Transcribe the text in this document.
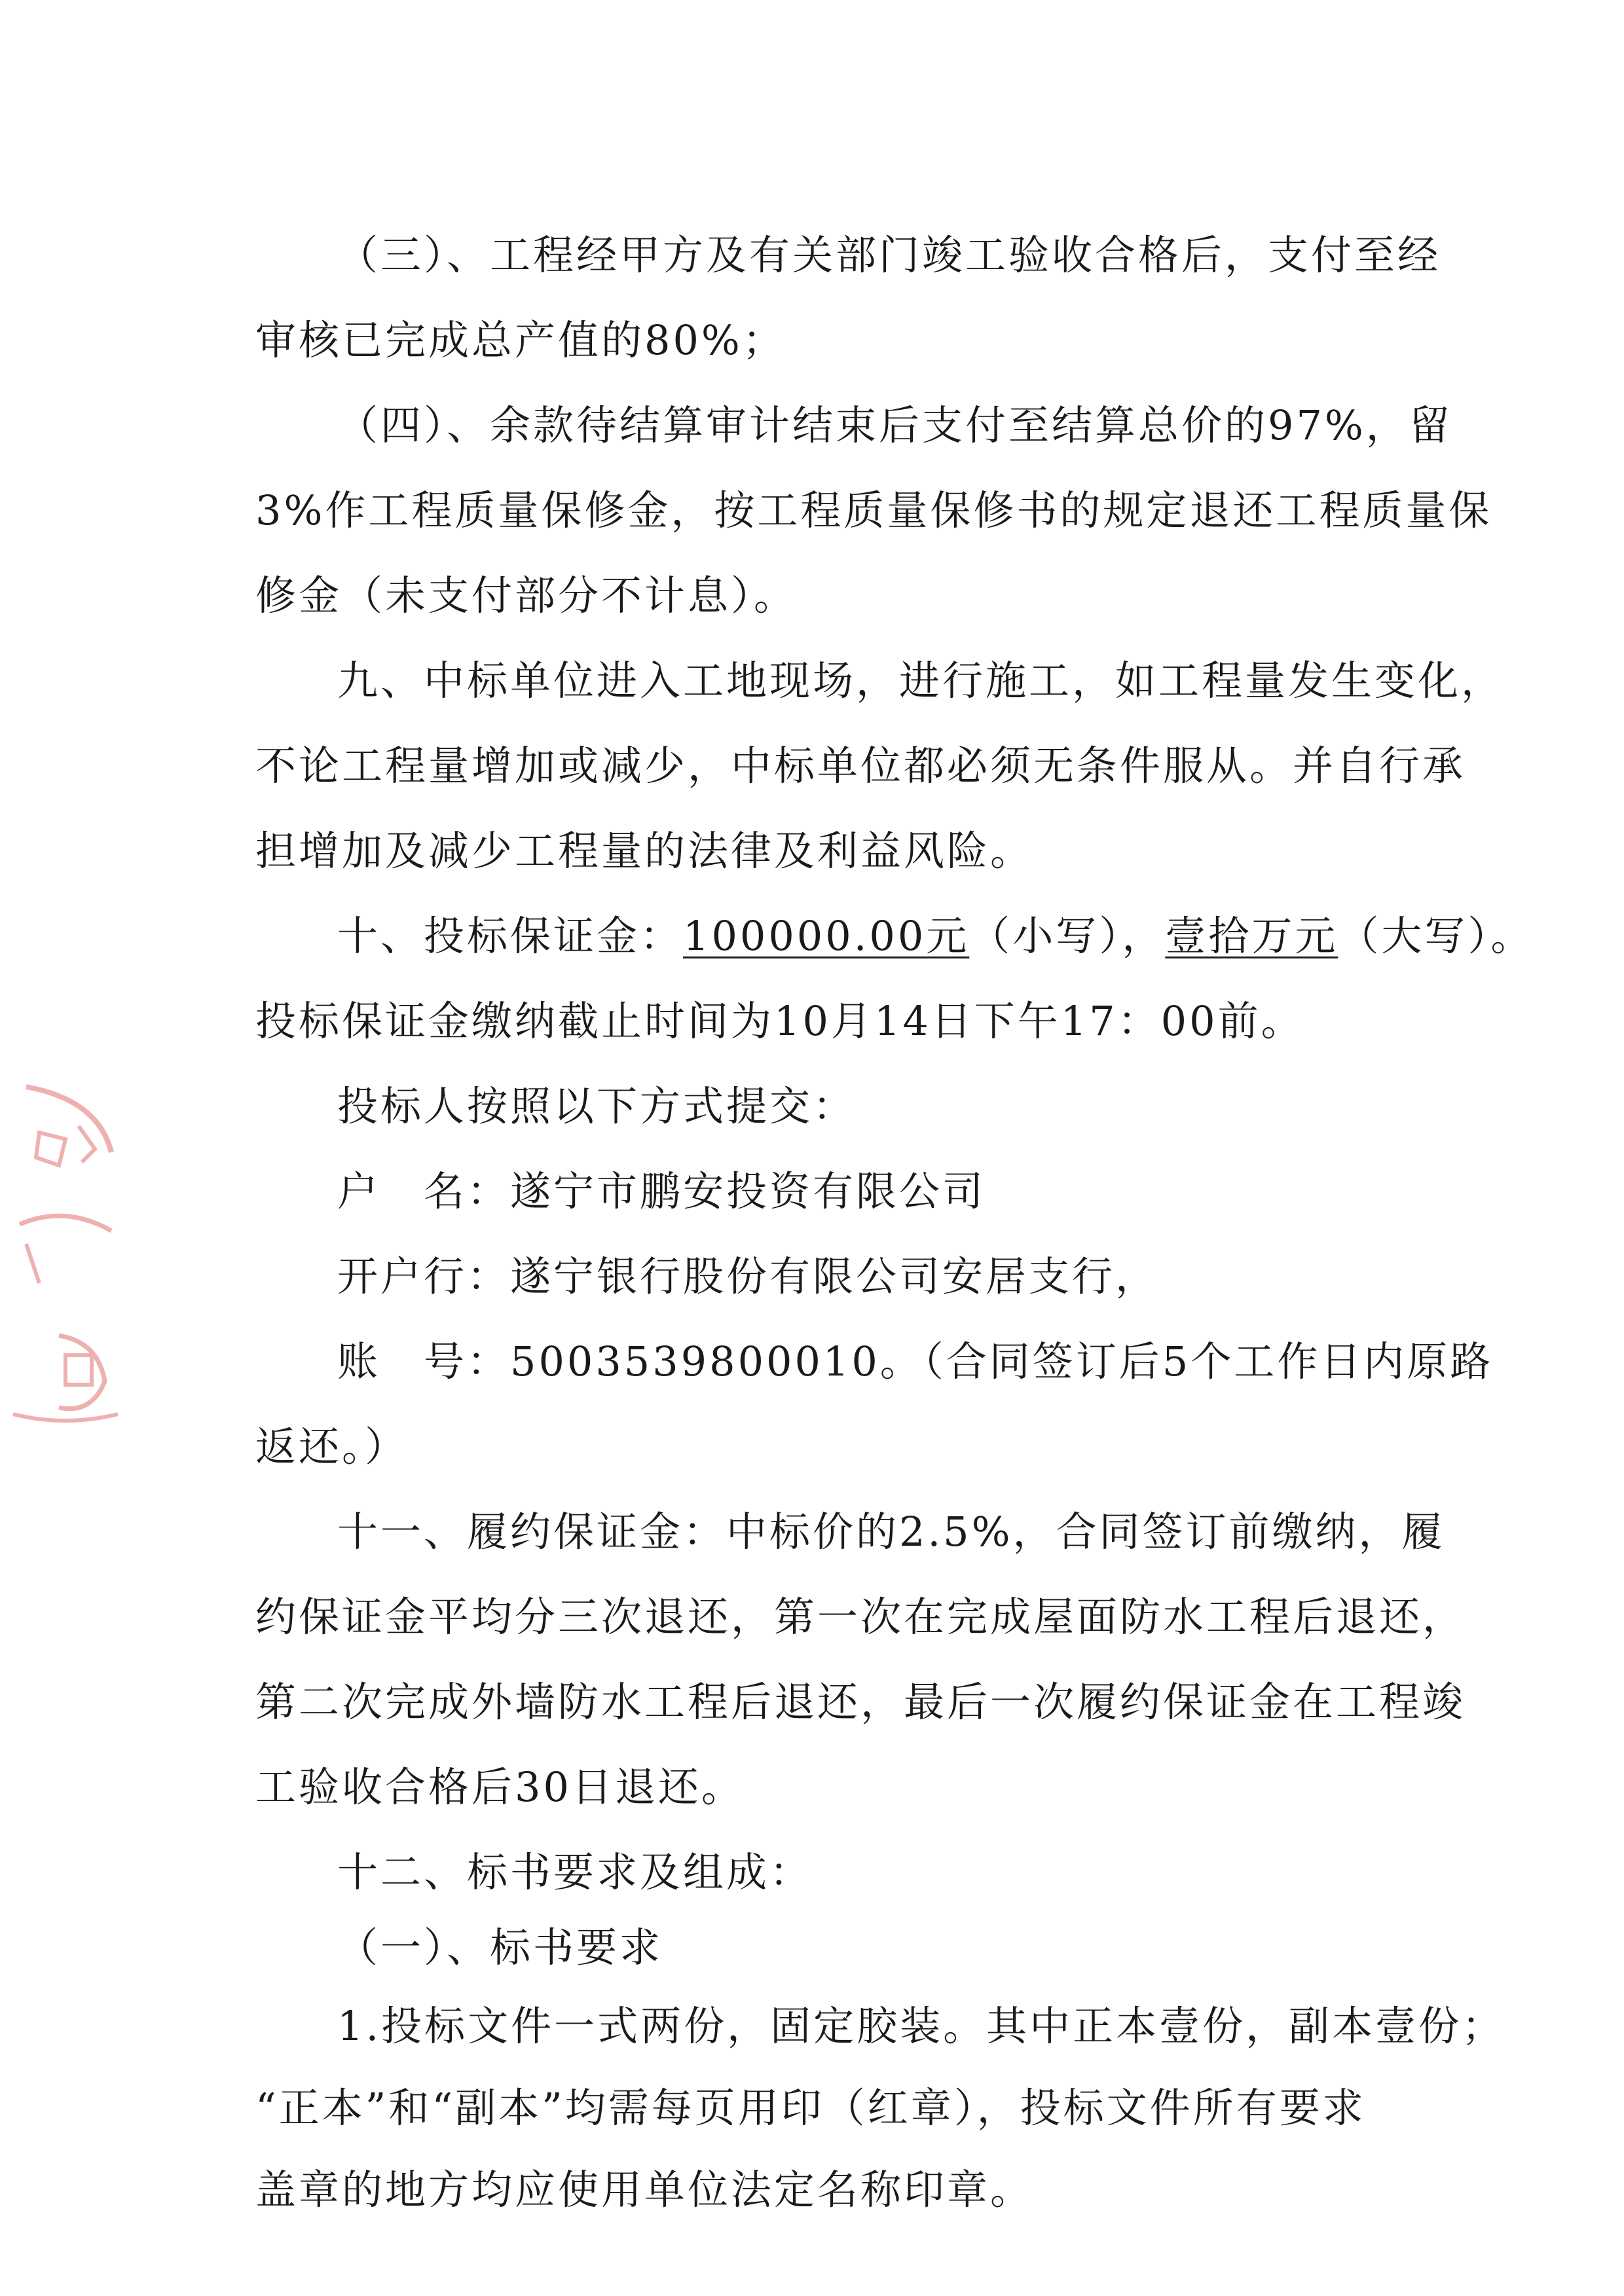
（三）、工程经甲方及有关部门竣工验收合格后，支付至经
审核已完成总产值的80%；
（四）、余款待结算审计结束后支付至结算总价的97%，留
3%作工程质量保修金，按工程质量保修书的规定退还工程质量保
修金（未支付部分不计息）。
九、中标单位进入工地现场，进行施工，如工程量发生变化，
不论工程量增加或减少，中标单位都必须无条件服从。并自行承
担增加及减少工程量的法律及利益风险。
十、投标保证金：100000.00元（小写），壹拾万元（大写）。
投标保证金缴纳截止时间为10月14日下午17：00前。
投标人按照以下方式提交：
户　名：遂宁市鹏安投资有限公司
开户行：遂宁银行股份有限公司安居支行，
账　号：5003539800010。（合同签订后5个工作日内原路
返还。）
十一、履约保证金：中标价的2.5%，合同签订前缴纳，履
约保证金平均分三次退还，第一次在完成屋面防水工程后退还，
第二次完成外墙防水工程后退还，最后一次履约保证金在工程竣
工验收合格后30日退还。
十二、标书要求及组成：
（一）、标书要求
1.投标文件一式两份，固定胶装。其中正本壹份，副本壹份；
“正本”和“副本”均需每页用印（红章），投标文件所有要求
盖章的地方均应使用单位法定名称印章。
